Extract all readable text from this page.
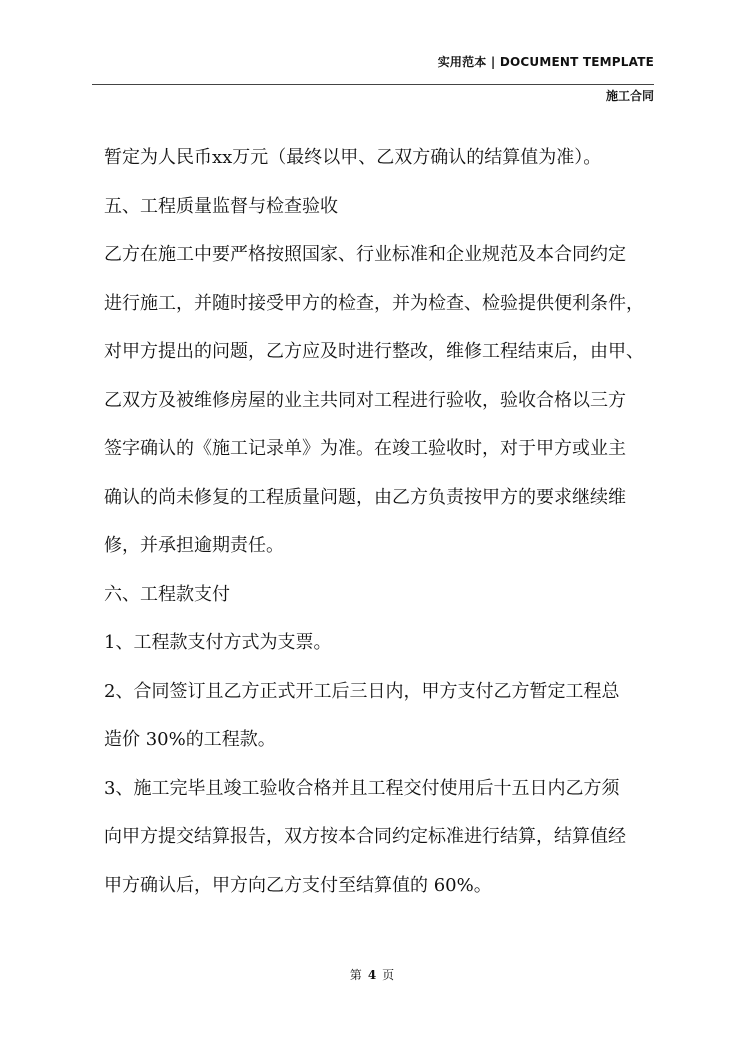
实用范本 | DOCUMENT TEMPLATE
施工合同

暂定为人民币xx万元（最终以甲、乙双方确认的结算值为准）。

五、工程质量监督与检查验收

乙方在施工中要严格按照国家、行业标准和企业规范及本合同约定

进行施工，并随时接受甲方的检查，并为检查、检验提供便利条件，

对甲方提出的问题，乙方应及时进行整改，维修工程结束后，由甲、

乙双方及被维修房屋的业主共同对工程进行验收，验收合格以三方

签字确认的《施工记录单》为准。在竣工验收时，对于甲方或业主

确认的尚未修复的工程质量问题，由乙方负责按甲方的要求继续维

修，并承担逾期责任。

六、工程款支付

1、工程款支付方式为支票。

2、合同签订且乙方正式开工后三日内，甲方支付乙方暂定工程总

造价 30%的工程款。

3、施工完毕且竣工验收合格并且工程交付使用后十五日内乙方须

向甲方提交结算报告，双方按本合同约定标准进行结算，结算值经

甲方确认后，甲方向乙方支付至结算值的 60%。

第 4 页
